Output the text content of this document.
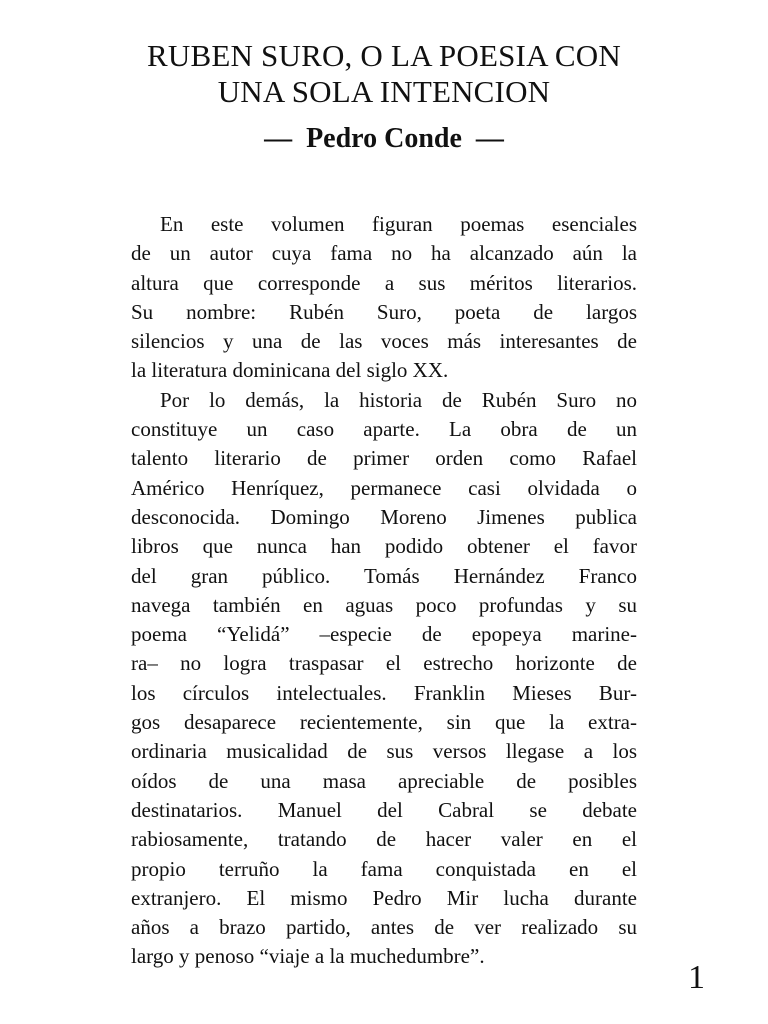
RUBEN SURO, O LA POESIA CON
UNA SOLA INTENCION
— Pedro Conde —
En este volumen figuran poemas esenciales
de un autor cuya fama no ha alcanzado aún la
altura que corresponde a sus méritos literarios.
Su nombre: Rubén Suro, poeta de largos
silencios y una de las voces más interesantes de
la literatura dominicana del siglo XX.
Por lo demás, la historia de Rubén Suro no
constituye un caso aparte. La obra de un
talento literario de primer orden como Rafael
Américo Henríquez, permanece casi olvidada o
desconocida. Domingo Moreno Jimenes publica
libros que nunca han podido obtener el favor
del gran público. Tomás Hernández Franco
navega también en aguas poco profundas y su
poema “Yelidá” –especie de epopeya marine-
ra– no logra traspasar el estrecho horizonte de
los círculos intelectuales. Franklin Mieses Bur-
gos desaparece recientemente, sin que la extra-
ordinaria musicalidad de sus versos llegase a los
oídos de una masa apreciable de posibles
destinatarios. Manuel del Cabral se debate
rabiosamente, tratando de hacer valer en el
propio terruño la fama conquistada en el
extranjero. El mismo Pedro Mir lucha durante
años a brazo partido, antes de ver realizado su
largo y penoso “viaje a la muchedumbre”.
1
